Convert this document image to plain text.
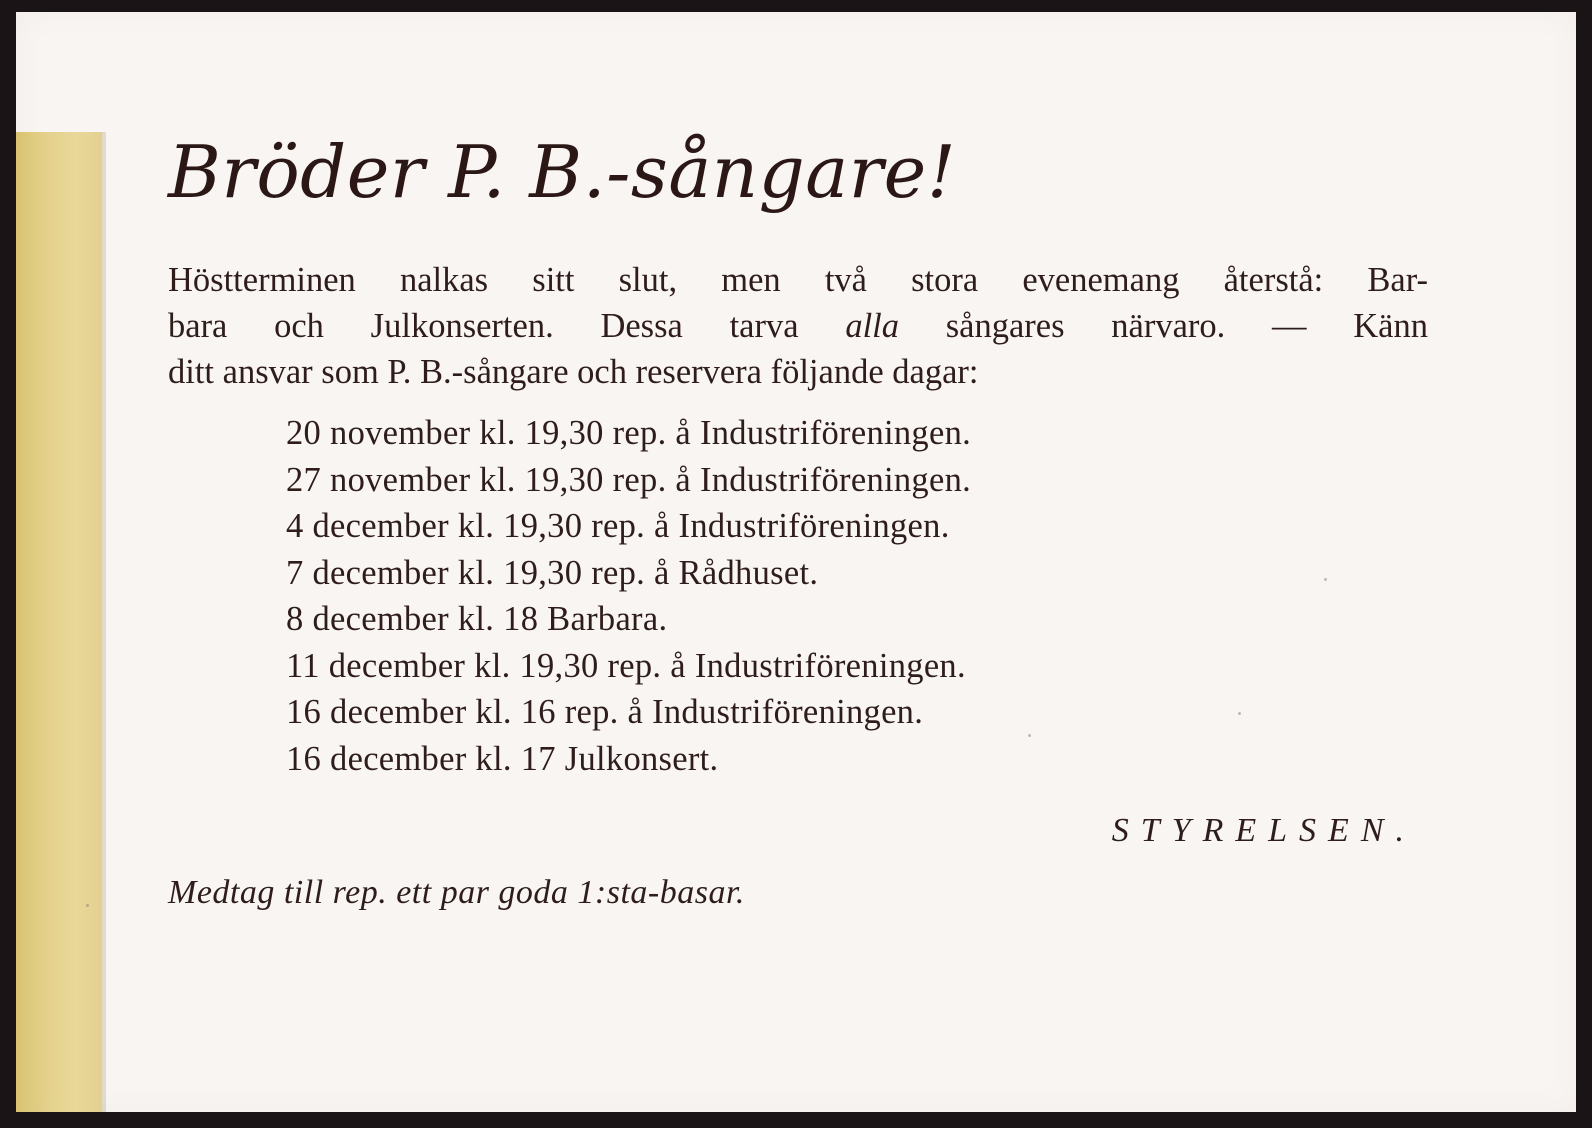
Bröder P. B.-sångare!

Höstterminen nalkas sitt slut, men två stora evenemang återstå: Bar-
bara och Julkonserten. Dessa tarva alla sångares närvaro. — Känn
ditt ansvar som P. B.-sångare och reservera följande dagar:

20 november kl. 19,30 rep. å Industriföreningen.
27 november kl. 19,30 rep. å Industriföreningen.
4 december kl. 19,30 rep. å Industriföreningen.
7 december kl. 19,30 rep. å Rådhuset.
8 december kl. 18 Barbara.
11 december kl. 19,30 rep. å Industriföreningen.
16 december kl. 16 rep. å Industriföreningen.
16 december kl. 17 Julkonsert.

STYRELSEN.

Medtag till rep. ett par goda 1:sta-basar.
